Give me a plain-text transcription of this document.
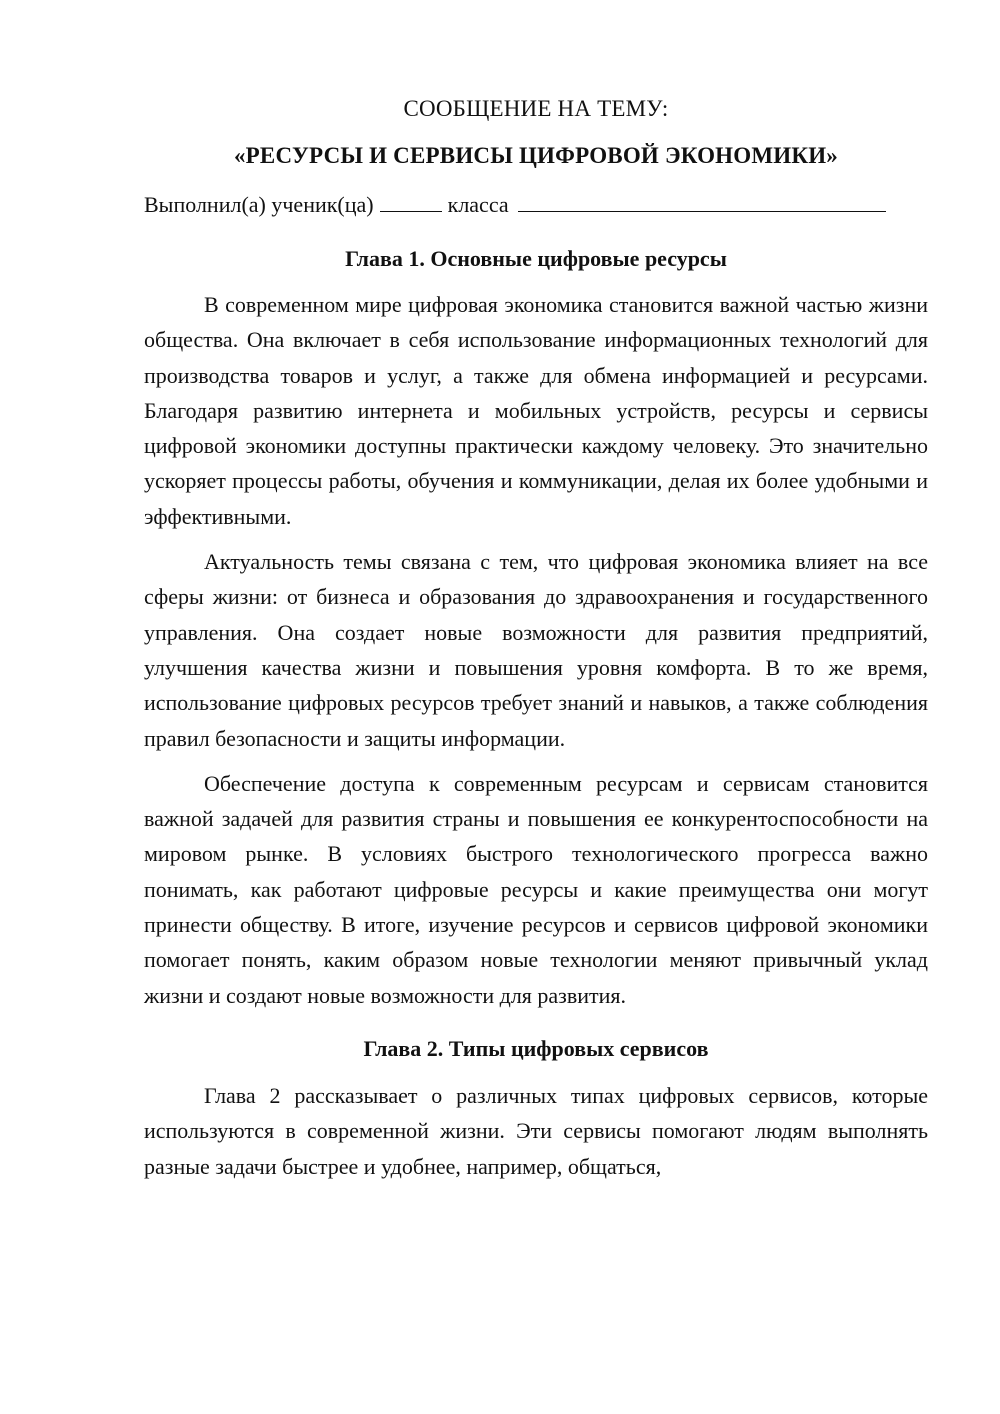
СООБЩЕНИЕ НА ТЕМУ:
«РЕСУРСЫ И СЕРВИСЫ ЦИФРОВОЙ ЭКОНОМИКИ»
Выполнил(а) ученик(ца)	класса
Глава 1. Основные цифровые ресурсы

В современном мире цифровая экономика становится важной частью жизни общества. Она включает в себя использование информационных технологий для производства товаров и услуг, а также для обмена информацией и ресурсами. Благодаря развитию интернета и мобильных устройств, ресурсы и сервисы цифровой экономики доступны практически каждому человеку. Это значительно ускоряет процессы работы, обучения и коммуникации, делая их более удобными и эффективными.

Актуальность темы связана с тем, что цифровая экономика влияет на все сферы жизни: от бизнеса и образования до здравоохранения и государственного управления. Она создает новые возможности для развития предприятий, улучшения качества жизни и повышения уровня комфорта. В то же время, использование цифровых ресурсов требует знаний и навыков, а также соблюдения правил безопасности и защиты информации.

Обеспечение доступа к современным ресурсам и сервисам становится важной задачей для развития страны и повышения ее конкурентоспособности на мировом рынке. В условиях быстрого технологического прогресса важно понимать, как работают цифровые ресурсы и какие преимущества они могут принести обществу. В итоге, изучение ресурсов и сервисов цифровой экономики помогает понять, каким образом новые технологии меняют привычный уклад жизни и создают новые возможности для развития.

Глава 2. Типы цифровых сервисов

Глава 2 рассказывает о различных типах цифровых сервисов, которые используются в современной жизни. Эти сервисы помогают людям выполнять разные задачи быстрее и удобнее, например, общаться,
